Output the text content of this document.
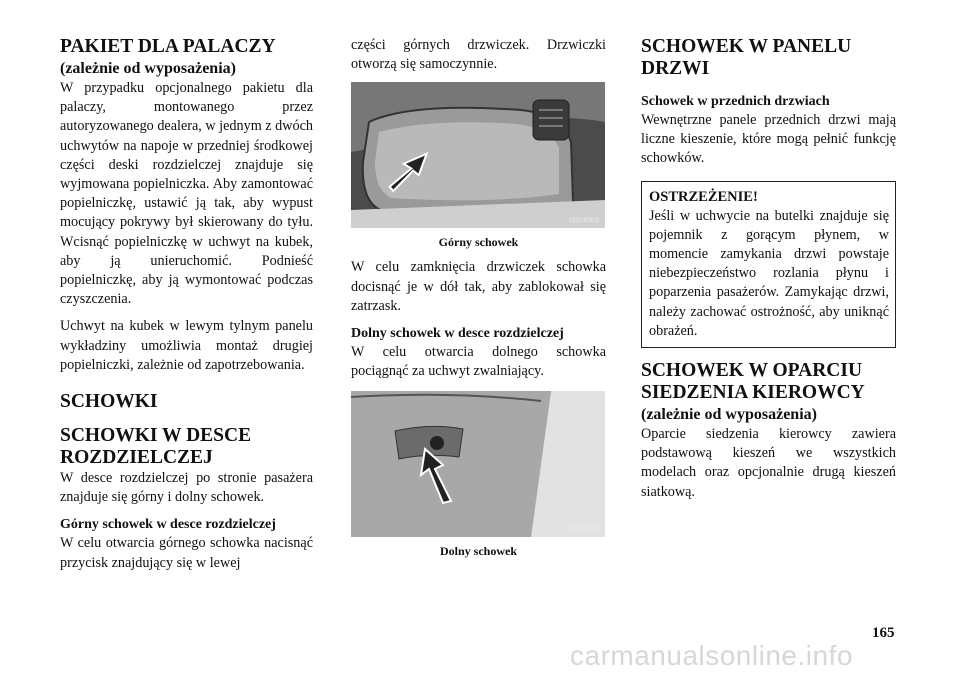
PAKIET DLA PALACZY

(zależnie od wyposażenia)

W przypadku opcjonalnego pakietu dla palaczy, montowanego przez autoryzowanego dealera, w jednym z dwóch uchwytów na napoje w przedniej środkowej części deski rozdzielczej znajduje się wyjmowana popielniczka. Aby zamontować popielniczkę, ustawić ją tak, aby wypust mocujący pokrywy był skierowany do tyłu. Wcisnąć popielniczkę w uchwyt na kubek, aby ją unieruchomić. Podnieść popielniczkę, aby ją wymontować podczas czyszczenia.

Uchwyt na kubek w lewym tylnym panelu wykładziny umożliwia montaż drugiej popielniczki, zależnie od zapotrzebowania.

SCHOWKI

SCHOWKI W DESCE ROZDZIELCZEJ

W desce rozdzielczej po stronie pasażera znajduje się górny i dolny schowek.

Górny schowek w desce rozdzielczej

W celu otwarcia górnego schowka nacisnąć przycisk znajdujący się w lewej

części górnych drzwiczek. Drzwiczki otworzą się samoczynnie.

035235303

Górny schowek

W celu zamknięcia drzwiczek schowka docisnąć je w dół tak, aby zablokował się zatrzask.

Dolny schowek w desce rozdzielczej

W celu otwarcia dolnego schowka pociągnąć za uchwyt zwalniający.

035235304

Dolny schowek

SCHOWEK W PANELU DRZWI

Schowek w przednich drzwiach

Wewnętrzne panele przednich drzwi mają liczne kieszenie, które mogą pełnić funkcję schowków.

OSTRZEŻENIE!

Jeśli w uchwycie na butelki znajduje się pojemnik z gorącym płynem, w momencie zamykania drzwi powstaje niebezpieczeństwo rozlania płynu i poparzenia pasażerów. Zamykając drzwi, należy zachować ostrożność, aby uniknąć obrażeń.

SCHOWEK W OPARCIU SIEDZENIA KIEROWCY

(zależnie od wyposażenia)

Oparcie siedzenia kierowcy zawiera podstawową kieszeń we wszystkich modelach oraz opcjonalnie drugą kieszeń siatkową.

165
carmanualsonline.info
